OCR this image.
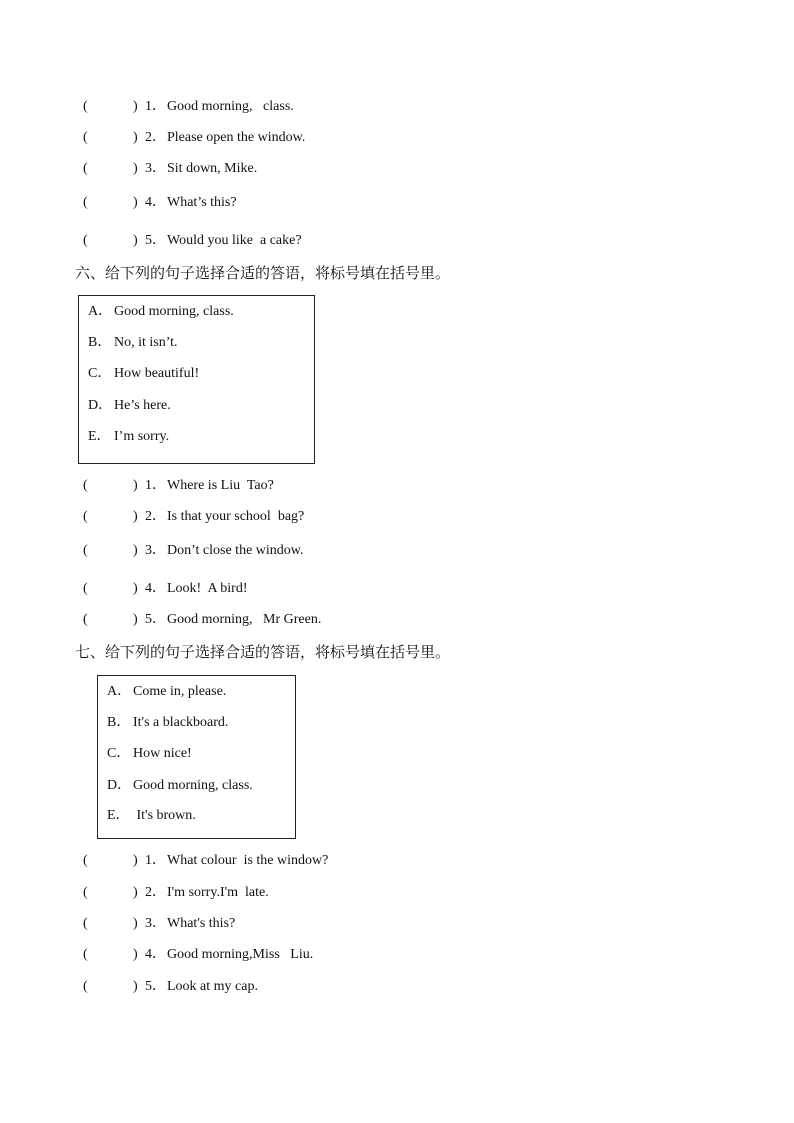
(	) 1．Good morning,   class.
(	) 2．Please open the window.
(	) 3．Sit down, Mike.
(	) 4．What’s this?
(	) 5．Would you like  a cake?
六、给下列的句子选择合适的答语，将标号填在括号里。
A． Good morning, class.
B． No, it isn’t.
C． How beautiful!
D． He’s here.
E． I’m sorry.
(	) 1．Where is Liu  Tao?
(	) 2．Is that your school  bag?
(	) 3．Don’t close the window.
(	) 4．Look!  A bird!
(	) 5．Good morning,   Mr Green.
七、给下列的句子选择合适的答语，将标号填在括号里。
A． Come in, please.
B． It's a blackboard.
C． How nice!
D． Good morning, class.
E． It's brown.
(	) 1．What colour  is the window?
(	) 2．I'm sorry.I'm  late.
(	) 3．What's this?
(	) 4．Good morning,Miss   Liu.
(	) 5．Look at my cap.
